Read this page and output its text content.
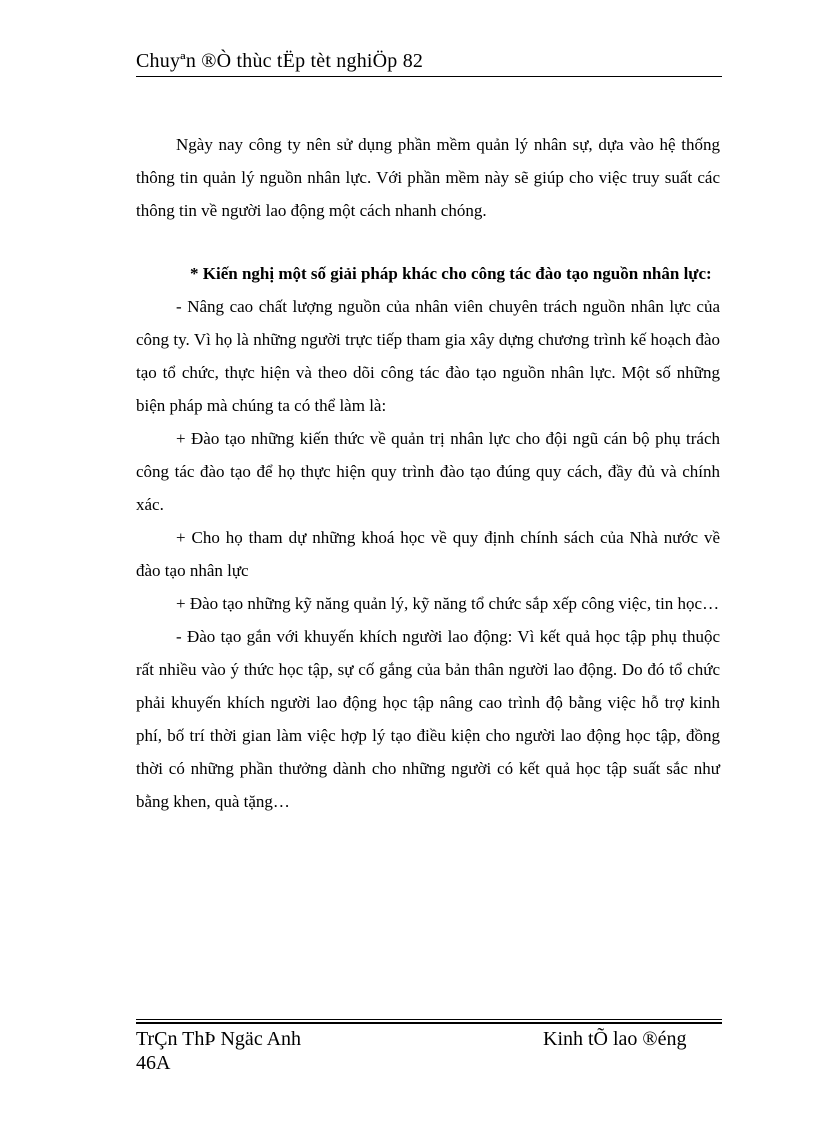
Chuyªn ®Ò thùc tËp tèt nghiÖp 82

Ngày nay công ty nên sử dụng phần mềm quản lý nhân sự, dựa vào hệ thống thông tin quản lý nguồn nhân lực. Với phần mềm này sẽ giúp cho việc truy suất các thông tin về người lao động một cách nhanh chóng.

* Kiến nghị một số giải pháp khác cho công tác đào tạo nguồn nhân lực:

- Nâng cao chất lượng nguồn của nhân viên chuyên trách nguồn nhân lực của công ty. Vì họ là những người trực tiếp tham gia xây dựng chương trình kế hoạch đào tạo tổ chức, thực hiện và theo dõi công tác đào tạo nguồn nhân lực. Một số những biện pháp mà chúng ta có thể làm là:

+ Đào tạo những kiến thức về quản trị nhân lực cho đội ngũ cán bộ phụ trách công tác đào tạo để họ thực hiện quy trình đào tạo đúng quy cách, đầy đủ và chính xác.

+ Cho họ tham dự những khoá học về quy định chính sách của Nhà nước về đào tạo nhân lực

+ Đào tạo những kỹ năng quản lý, kỹ năng tổ chức sắp xếp công việc, tin học…

- Đào tạo gắn với khuyến khích người lao động: Vì kết quả học tập phụ thuộc rất nhiều vào ý thức học tập, sự cố gắng của bản thân người lao động. Do đó tổ chức phải khuyến khích người lao động học tập nâng cao trình độ bằng việc hỗ trợ kinh phí, bố trí thời gian làm việc hợp lý tạo điều kiện cho người lao động học tập, đồng thời có những phần thưởng dành cho những người có kết quả học tập suất sắc như bằng khen, quà tặng…

TrÇn ThÞ Ngäc Anh
46A
Kinh tÕ lao ®éng
